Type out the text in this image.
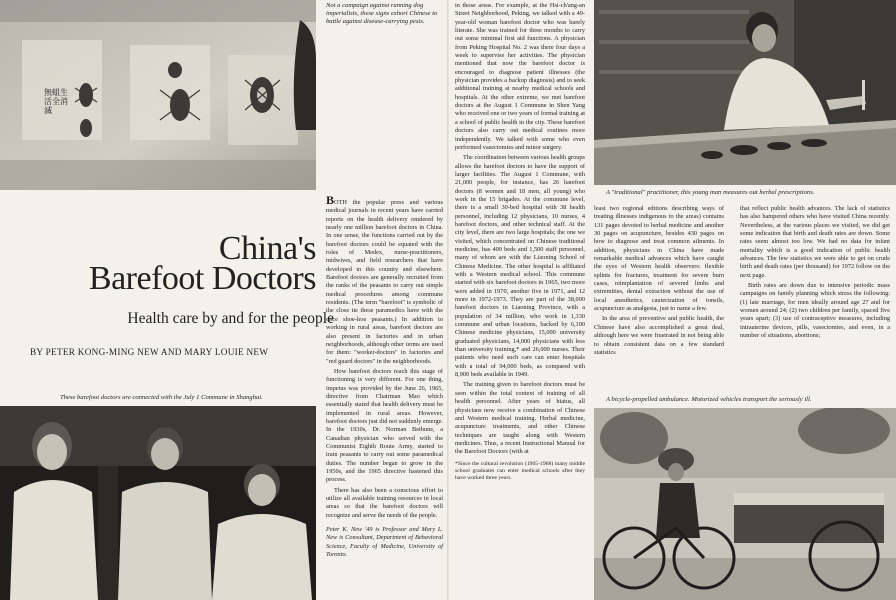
無 蛆 生
活 全 消
滅
Not a campaign against running dog imperialists, these signs exhort Chinese to battle against disease-carrying pests.
China's
Barefoot Doctors
Health care by and for the people
BY PETER KONG-MING NEW AND MARY LOUIE NEW
These barefoot doctors are connected with the July 1 Commune in Shanghai.

BOTH the popular press and various medical journals in recent years have carried reports on the health delivery rendered by nearly one million barefoot doctors in China. In one sense, the functions carried out by the barefoot doctors could be equated with the roles of Medex, nurse-practitioners, midwives, and field researchers that have developed in this country and elsewhere. Barefoot doctors are generally recruited from the ranks of the peasants to carry out simple medical procedures among commune residents. (The term "barefoot" is symbolic of the close tie these paramedics have with the once shoe-less peasants.) In addition to working in rural areas, barefoot doctors are also present in factories and in urban neighborhoods, although other terms are used for them: "worker-doctors" in factories and "red guard doctors" in the neighborhoods.

How barefoot doctors reach this stage of functioning is very different. For one thing, impetus was provided by the June 26, 1965, directive from Chairman Mao which essentially stated that health delivery must be implemented in rural areas. However, barefoot doctors just did not suddenly emerge. In the 1930s, Dr. Norman Bethune, a Canadian physician who served with the Communist Eighth Route Army, started to train peasants to carry out some paramedical duties. The number began to grow in the 1950s, and the 1965 directive hastened this process.

There has also been a conscious effort to utilize all available training resources in local areas so that the barefoot doctors will recognize and serve the needs of the people.

Peter K. New '49 is Professor and Mary L. New is Consultant, Department of Behavioral Science, Faculty of Medicine, University of Toronto.

in those areas. For example, at the Hsi-ch'ang-an Street Neighborhood, Peking, we talked with a 49-year-old woman barefoot doctor who was barely literate. She was trained for three months to carry out some minimal first aid functions. A physician from Peking Hospital No. 2 was there four days a week to supervise her activities. The physician mentioned that now the barefoot doctor is encouraged to diagnose patient illnesses (the physician provides a backup diagnosis) and to seek additional training at nearby medical schools and hospitals. At the other extreme, we met barefoot doctors at the August 1 Commune in Shen Yang who received one or two years of formal training at a school of public health in the city. These barefoot doctors also carry out medical routines more independently. We talked with some who even performed vasectomies and minor surgery.

The coordination between various health groups allows the barefoot doctors to have the support of larger facilities. The August 1 Commune, with 21,000 people, for instance, has 26 barefoot doctors (8 women and 18 men, all young) who work in the 15 brigades. At the commune level, there is a small 30-bed hospital with 38 health personnel, including 12 physicians, 10 nurses, 4 barefoot doctors, and other technical staff. At the city level, there are two large hospitals; the one we visited, which concentrated on Chinese traditional medicine, has 400 beds and 1,500 staff personnel, many of whom are with the Liaoning School of Chinese Medicine. The other hospital is affiliated with a Western medical school. This commune started with six barefoot doctors in 1965, two more were added in 1970, another five in 1971, and 12 more in 1972-1973. They are part of the 38,000 barefoot doctors in Liaoning Province, with a population of 34 million, who work in 1,330 commune and urban locations, backed by 6,100 Chinese medicine physicians, 15,000 university graduated physicians, 14,000 physicians with less than university training,* and 26,000 nurses. Their patients who need such care can enter hospitals with a total of 94,000 beds, as compared with 8,900 beds available in 1949.

The training given to barefoot doctors must be seen within the total context of training of all health personnel. After years of hiatus, all physicians now receive a combination of Chinese and Western medical training. Herbal medicine, acupuncture treatments, and other Chinese techniques are taught along with Western medicines. Thus, a recent Instructional Manual for the Barefoot Doctors (with at

*Since the cultural revolution (1965-1968) many middle school graduates can enter medical schools after they have worked three years.

A "traditional" practitioner, this young man measures out herbal prescriptions.

least two regional editions describing ways of treating illnesses indigenous to the areas) contains 131 pages devoted to herbal medicine and another 30 pages on acupuncture, besides 430 pages on how to diagnose and treat common ailments. In addition, physicians in China have made remarkable medical advances which have caught the eyes of Western health observers: flexible splints for fractures, treatment for severe burn cases, reimplantation of severed limbs and extremities, dental extraction without the use of local anesthetics, cauterization of tonsils, acupuncture as analgesia, just to name a few.

In the area of preventive and public health, the Chinese have also accomplished a great deal, although here we were frustrated in not being able to obtain consistent data on a few standard statistics

that reflect public health advances. The lack of statistics has also hampered others who have visited China recently. Nevertheless, at the various places we visited, we did get some indication that birth and death rates are down. Some rates seem almost too low. We had no data for infant mortality which is a good indication of public health advances. The few statistics we were able to get on crude birth and death rates (per thousand) for 1972 follow on the next page.

Birth rates are down due to intensive periodic mass campaigns on family planning which stress the following: (1) late marriage, for men ideally around age 27 and for women around 24; (2) two children per family, spaced five years apart; (3) use of contraceptive measures, including intrauterine devices, pills, vasectomies, and even, in a number of situations, abortions;

A bicycle-propelled ambulance. Motorized vehicles transport the seriously ill.
